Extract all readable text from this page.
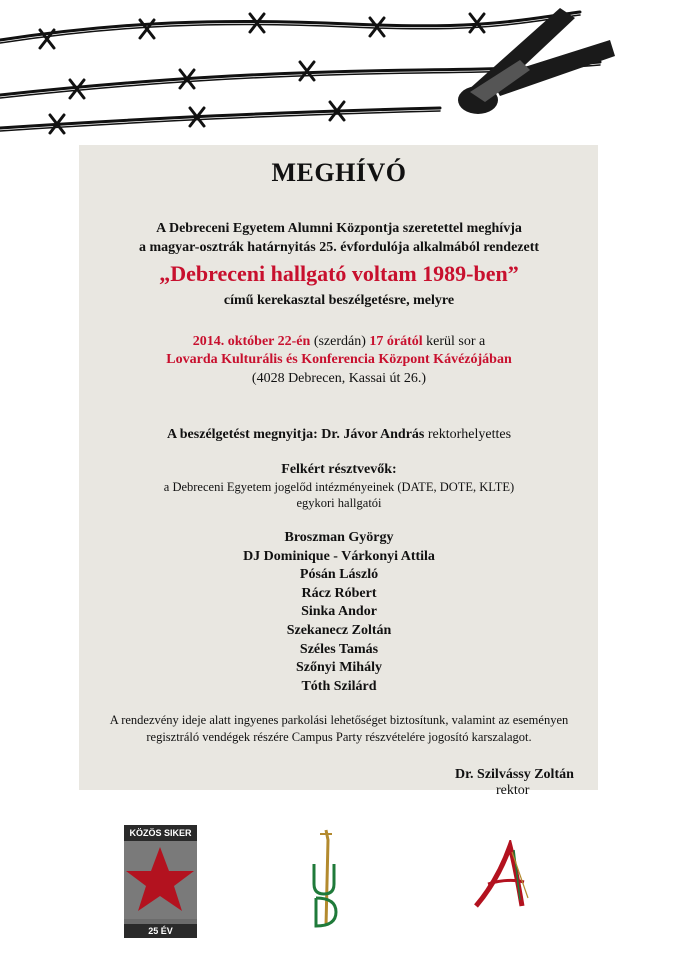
MEGHÍVÓ
A Debreceni Egyetem Alumni Központja szeretettel meghívja
a magyar-osztrák határnyitás 25. évfordulója alkalmából rendezett
„Debreceni hallgató voltam 1989-ben”
című kerekasztal beszélgetésre, melyre
2014. október 22-én (szerdán) 17 órától kerül sor a
Lovarda Kulturális és Konferencia Központ Kávézójában
(4028 Debrecen, Kassai út 26.)
A beszélgetést megnyitja: Dr. Jávor András rektorhelyettes
Felkért résztvevők:
a Debreceni Egyetem jogelőd intézményeinek (DATE, DOTE, KLTE)
egykori hallgatói
Broszman György
DJ Dominique - Várkonyi Attila
Pósán László
Rácz Róbert
Sinka Andor
Szekanecz Zoltán
Széles Tamás
Szőnyi Mihály
Tóth Szilárd
A rendezvény ideje alatt ingyenes parkolási lehetőséget biztosítunk, valamint az eseményen
regisztráló vendégek részére Campus Party részvételére jogosító karszalagot.
Dr. Szilvássy Zoltán
rektor
KÖZÖS SIKER
25 ÉV
